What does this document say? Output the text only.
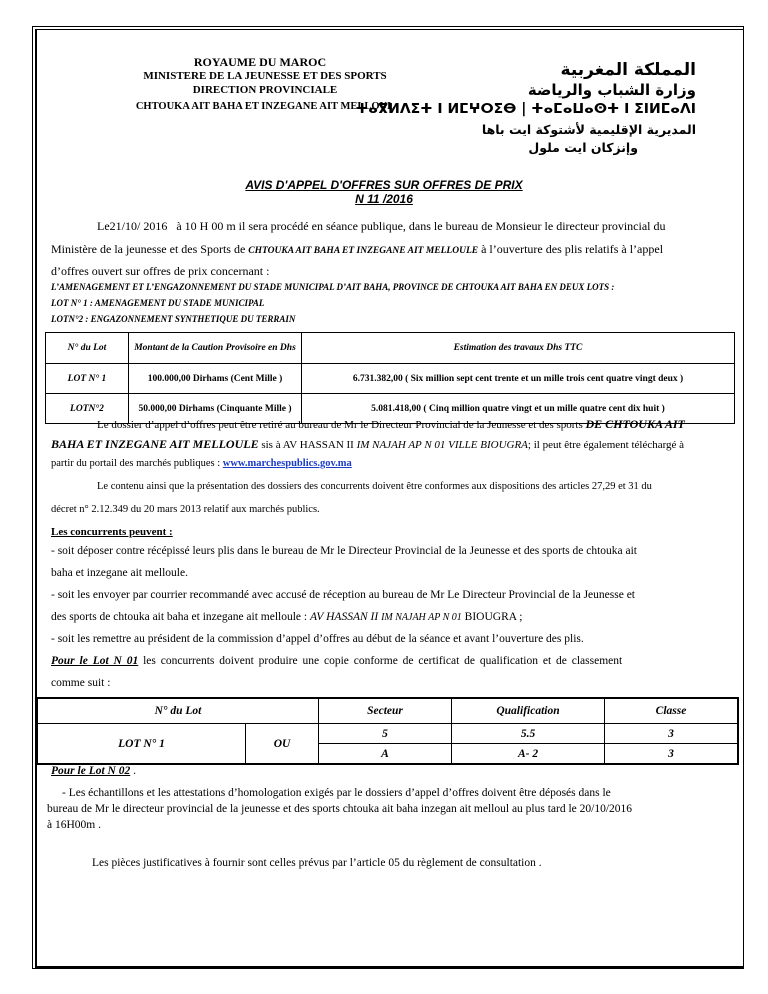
ROYAUME DU MAROC
MINISTERE DE LA JEUNESSE ET DES SPORTS
DIRECTION PROVINCIALE
CHTOUKA AIT BAHA ET INZEGANE AIT MELLOUL
المملكة المغربية
وزارة الشباب والرياضة
ⵜⴰⴳⵍⴷⵉⵜ ⵏ ⵍⵎⵖⵔⵉⴱ | ⵜⴰⵎⴰⵡⴰⵙⵜ ⵏ ⵉⵏⵍⵎⴰⴷⵏ
المديرية الإقليمية لأشتوكة ايت باها
وإنزكان ايت ملول
AVIS D'APPEL D'OFFRES SUR OFFRES DE PRIX
N 11 /2016
Le21/10/ 2016 à 10 H 00 m il sera procédé en séance publique, dans le bureau de Monsieur le directeur provincial du
Ministère de la jeunesse et des Sports de CHTOUKA AIT BAHA ET INZEGANE AIT MELLOULE à l’ouverture des plis relatifs à l’appel
d’offres ouvert sur offres de prix concernant :
L’AMENAGEMENT ET L’ENGAZONNEMENT DU STADE MUNICIPAL D’AIT BAHA, PROVINCE DE CHTOUKA AIT BAHA EN DEUX LOTS :
LOT N° 1 : AMENAGEMENT DU STADE MUNICIPAL
LOTN°2 : ENGAZONNEMENT SYNTHETIQUE DU TERRAIN
N° du Lot	Montant de la Caution Provisoire en Dhs	Estimation des travaux Dhs TTC
LOT N° 1	100.000,00 Dirhams (Cent Mille )	6.731.382,00 ( Six million sept cent trente et un mille trois cent quatre vingt deux )
LOTN°2	50.000,00 Dirhams (Cinquante Mille )	5.081.418,00 ( Cinq million quatre vingt et un mille quatre cent dix huit )
Le dossier d’appel d’offres peut être retiré au bureau de Mr le Directeur Provincial de la Jeunesse et des sports DE CHTOUKA AIT
BAHA ET INZEGANE AIT MELLOULE sis à AV HASSAN II IM NAJAH AP N 01 VILLE BIOUGRA; il peut être également téléchargé à
partir du portail des marchés publiques : www.marchespublics.gov.ma
Le contenu ainsi que la présentation des dossiers des concurrents doivent être conformes aux dispositions des articles 27,29 et 31 du
décret n° 2.12.349 du 20 mars 2013 relatif aux marchés publics.
Les concurrents peuvent :
- soit déposer contre récépissé leurs plis dans le bureau de Mr le Directeur Provincial de la Jeunesse et des sports de chtouka ait
baha et inzegane ait melloule.
- soit les envoyer par courrier recommandé avec accusé de réception au bureau de Mr Le Directeur Provincial de la Jeunesse et
des sports de chtouka ait baha et inzegane ait melloule : AV HASSAN II IM NAJAH AP N 01 BIOUGRA ;
- soit les remettre au président de la commission d’appel d’offres au début de la séance et avant l’ouverture des plis.
Pour le Lot N 01 les concurrents doivent produire une copie conforme de certificat de qualification et de classement
comme suit :
N° du Lot		Secteur	Qualification	Classe
LOT N° 1	OU	5	5.5	3
		A	A- 2	3
Pour le Lot N 02 .
- Les échantillons et les attestations d’homologation exigés par le dossiers d’appel d’offres doivent être déposés dans le
bureau de Mr le directeur provincial de la jeunesse et des sports chtouka ait baha inzegan ait melloul au plus tard le 20/10/2016
à 16H00m .
Les pièces justificatives à fournir sont celles prévus par l’article 05 du règlement de consultation .
